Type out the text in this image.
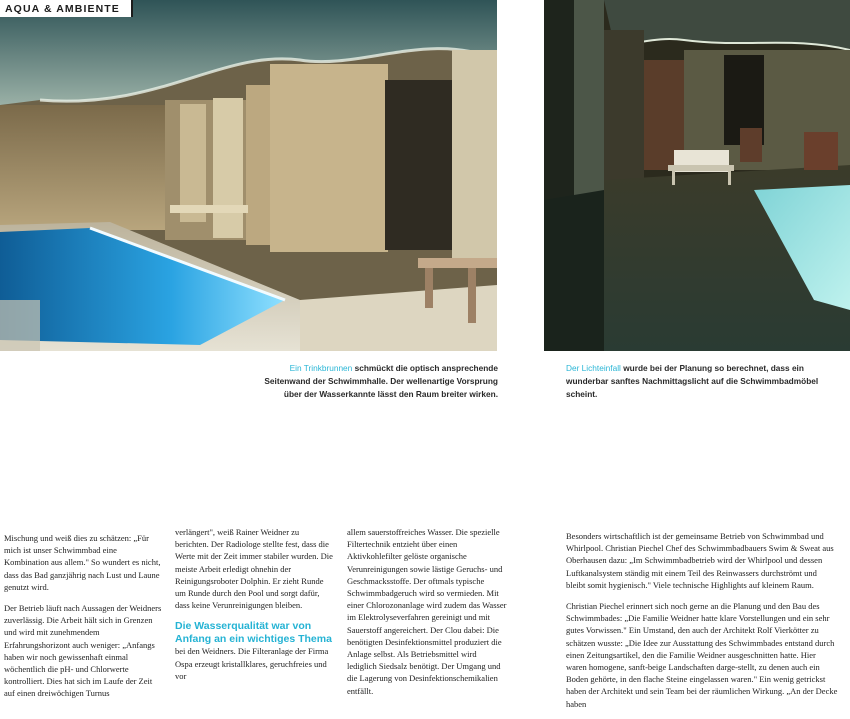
AQUA & AMBIENTE
Ein Trinkbrunnen schmückt die optisch ansprechende Seitenwand der Schwimmhalle. Der wellenartige Vorsprung über der Wasserkannte lässt den Raum breiter wirken.
Der Lichteinfall wurde bei der Planung so berechnet, dass ein wunderbar sanftes Nachmittagslicht auf die Schwimmbadmöbel scheint.

Mischung und weiß dies zu schätzen: „Für mich ist unser Schwimmbad eine Kombination aus allem." So wundert es nicht, dass das Bad ganzjährig nach Lust und Laune genutzt wird.

Der Betrieb läuft nach Aussagen der Weidners zuverlässig. Die Arbeit hält sich in Grenzen und wird mit zunehmendem Erfahrungshorizont auch weniger: „Anfangs haben wir noch gewissenhaft einmal wöchentlich die pH- und Chlorwerte kontrolliert. Dies hat sich im Laufe der Zeit auf einen dreiwöchigen Turnus

verlängert", weiß Rainer Weidner zu berichten. Der Radiologe stellte fest, dass die Werte mit der Zeit immer stabiler wurden. Die meiste Arbeit erledigt ohnehin der Reinigungsroboter Dolphin. Er zieht Runde um Runde durch den Pool und sorgt dafür, dass keine Verunreinigungen bleiben.

Die Wasserqualität war von Anfang an ein wichtiges Thema bei den Weidners. Die Filteranlage der Firma Ospa erzeugt kristallklares, geruchfreies und vor

allem sauerstoffreiches Wasser. Die spezielle Filtertechnik entzieht über einen Aktivkohlefilter gelöste organische Verunreinigungen sowie lästige Geruchs- und Geschmacksstoffe. Der oftmals typische Schwimmbadgeruch wird so vermieden. Mit einer Chlorozonanlage wird zudem das Wasser im Elektrolyseverfahren gereinigt und mit Sauerstoff angereichert. Der Clou dabei: Die benötigten Desinfektionsmittel produziert die Anlage selbst. Als Betriebsmittel wird lediglich Siedsalz benötigt. Der Umgang und die Lagerung von Desinfektionschemikalien entfällt.

Besonders wirtschaftlich ist der gemeinsame Betrieb von Schwimmbad und Whirlpool. Christian Piechel Chef des Schwimmbadbauers Swim & Sweat aus Oberhausen dazu: „Im Schwimmbadbetrieb wird der Whirlpool und dessen Luftkanalsystem ständig mit einem Teil des Reinwassers durchströmt und bleibt somit hygienisch." Viele technische Highlights auf kleinem Raum.

Christian Piechel erinnert sich noch gerne an die Planung und den Bau des Schwimmbades: „Die Familie Weidner hatte klare Vorstellungen und ein sehr gutes Vorwissen." Ein Umstand, den auch der Architekt Rolf Vierkötter zu schätzen wusste: „Die Idee zur Ausstattung des Schwimmbades entstand durch einen Zeitungsartikel, den die Familie Weidner ausgeschnitten hatte. Hier waren homogene, sanft-beige Landschaften darge-stellt, zu denen auch ein Boden gehörte, in den flache Steine eingelassen waren." Ein wenig getrickst haben der Architekt und sein Team bei der räumlichen Wirkung. „An der Decke haben
